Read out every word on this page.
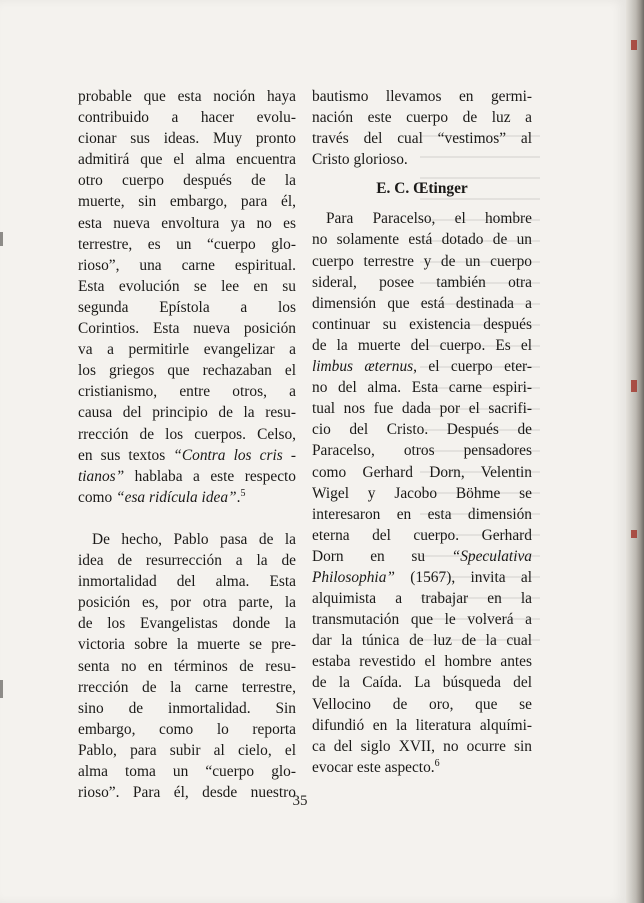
probable que esta noción haya
contribuido a hacer evolu-
cionar sus ideas. Muy pronto
admitirá que el alma encuentra
otro cuerpo después de la
muerte, sin embargo, para él,
esta nueva envoltura ya no es
terrestre, es un “cuerpo glo-
rioso”, una carne espiritual.
Esta evolución se lee en su
segunda Epístola a los
Corintios. Esta nueva posición
va a permitirle evangelizar a
los griegos que rechazaban el
cristianismo, entre otros, a
causa del principio de la resu-
rrección de los cuerpos. Celso,
en sus textos “Contra los cris -
tianos” hablaba a este respecto
como “esa ridícula idea”.$^5$
De hecho, Pablo pasa de la
idea de resurrección a la de
inmortalidad del alma. Esta
posición es, por otra parte, la
de los Evangelistas donde la
victoria sobre la muerte se pre-
senta no en términos de resu-
rrección de la carne terrestre,
sino de inmortalidad. Sin
embargo, como lo reporta
Pablo, para subir al cielo, el
alma toma un “cuerpo glo-
rioso”. Para él, desde nuestro
bautismo llevamos en germi-
nación este cuerpo de luz a
través del cual “vestimos” al
Cristo glorioso.
E. C. Œtinger
Para Paracelso, el hombre
no solamente está dotado de un
cuerpo terrestre y de un cuerpo
sideral, posee también otra
dimensión que está destinada a
continuar su existencia después
de la muerte del cuerpo. Es el
limbus æternus, el cuerpo eter-
no del alma. Esta carne espiri-
tual nos fue dada por el sacrifi-
cio del Cristo. Después de
Paracelso, otros pensadores
como Gerhard Dorn, Velentin
Wigel y Jacobo Böhme se
interesaron en esta dimensión
eterna del cuerpo. Gerhard
Dorn en su “Speculativa
Philosophia” (1567), invita al
alquimista a trabajar en la
transmutación que le volverá a
dar la túnica de luz de la cual
estaba revestido el hombre antes
de la Caída. La búsqueda del
Vellocino de oro, que se
difundió en la literatura alquími-
ca del siglo XVII, no ocurre sin
evocar este aspecto.$^6$
35
